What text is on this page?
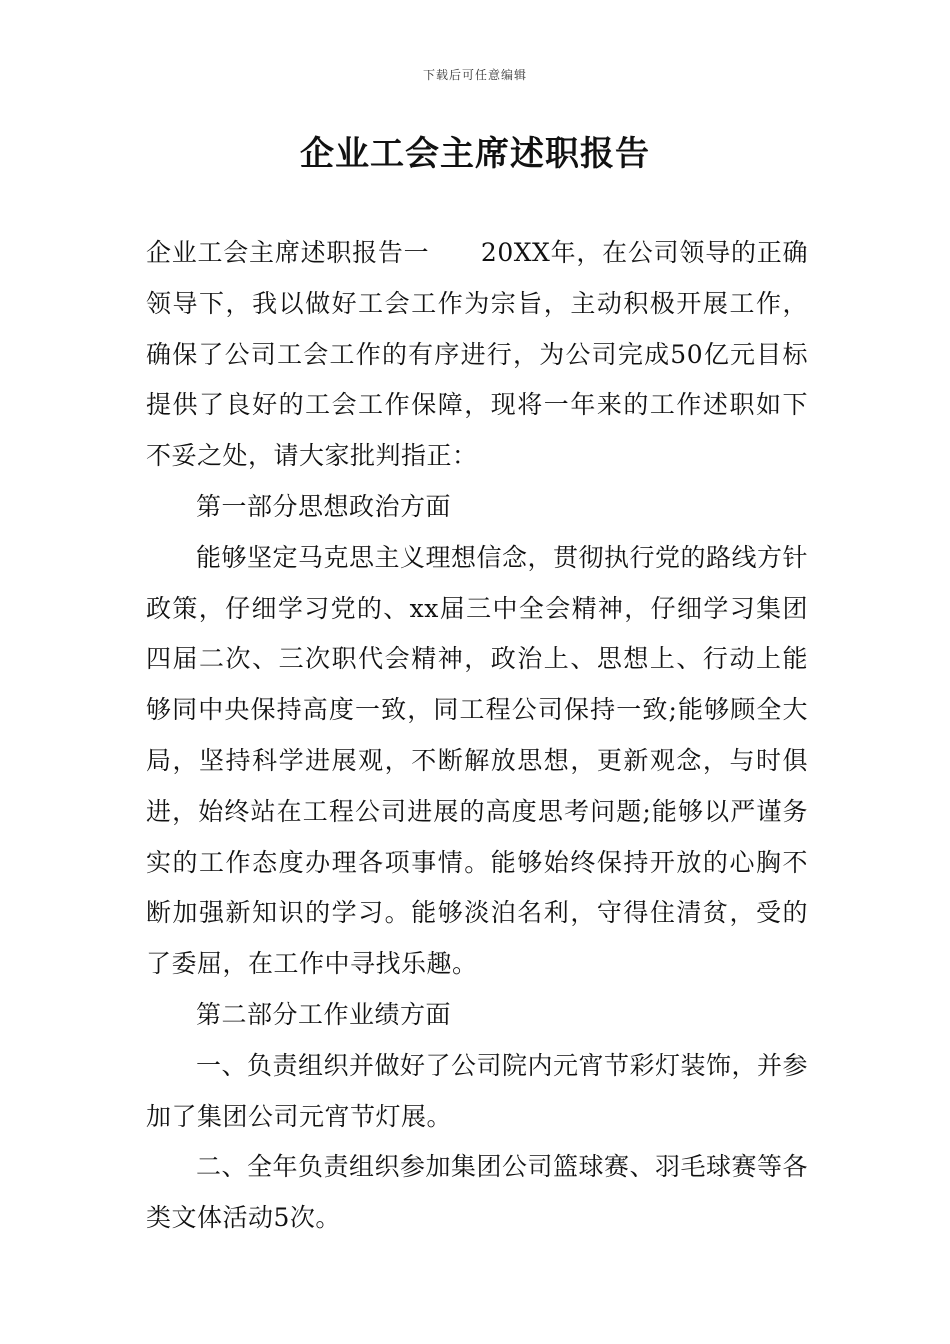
下载后可任意编辑
企业工会主席述职报告

企业工会主席述职报告一　　20XX年，在公司领导的正确领导下，我以做好工会工作为宗旨，主动积极开展工作，确保了公司工会工作的有序进行，为公司完成50亿元目标提供了良好的工会工作保障，现将一年来的工作述职如下不妥之处，请大家批判指正：

第一部分思想政治方面

能够坚定马克思主义理想信念，贯彻执行党的路线方针政策，仔细学习党的、xx届三中全会精神，仔细学习集团四届二次、三次职代会精神，政治上、思想上、行动上能够同中央保持高度一致，同工程公司保持一致;能够顾全大局，坚持科学进展观，不断解放思想，更新观念，与时俱进，始终站在工程公司进展的高度思考问题;能够以严谨务实的工作态度办理各项事情。能够始终保持开放的心胸不断加强新知识的学习。能够淡泊名利，守得住清贫，受的了委屈，在工作中寻找乐趣。

第二部分工作业绩方面

一、负责组织并做好了公司院内元宵节彩灯装饰，并参加了集团公司元宵节灯展。

二、全年负责组织参加集团公司篮球赛、羽毛球赛等各类文体活动5次。
